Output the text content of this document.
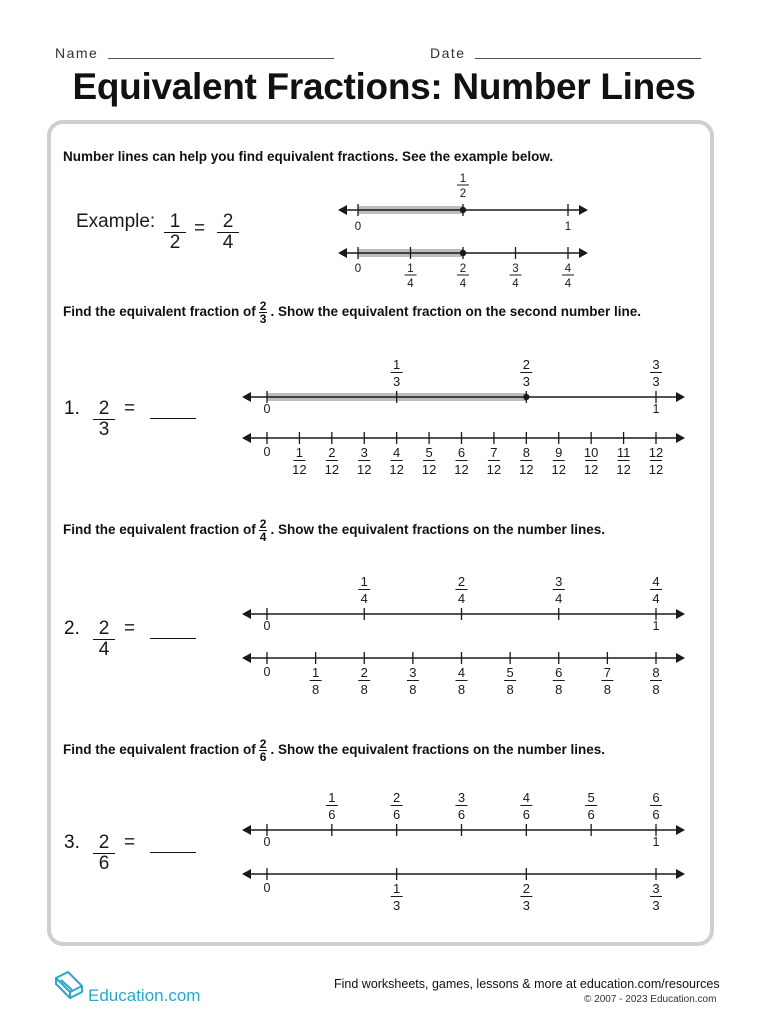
Name	Date
Equivalent Fractions: Number Lines
Number lines can help you find equivalent fractions. See the example below.
Example: 1
2
= 2
4
1
2
0	1
0	1
4
2
4
3
4
4
4
Find the equivalent fraction of $\frac{2}{3}$ . Show the equivalent fraction on the second number line.
1. 2
3
=
1
3
2
3
3
3
0	1
0 1
12
2
12
3
12
4
12
5
12
6
12
7
12
8
12
9
12
10
12
11
12
12
12
Find the equivalent fraction of $\frac{2}{4}$ . Show the equivalent fractions on the number lines.
2. 2
4
=
1
4
2
4
3
4
4
4
0	1
0	1
8
2
8
3
8
4
8
5
8
6
8
7
8
8
8
Find the equivalent fraction of $\frac{2}{6}$ . Show the equivalent fractions on the number lines.
3. 2
6
=
1
6
2
6
3
6
4
6
5
6
6
6
0	1
0	1
3
2
3
3
3
Education.com
Find worksheets, games, lessons & more at education.com/resources
© 2007 - 2023 Education.com
